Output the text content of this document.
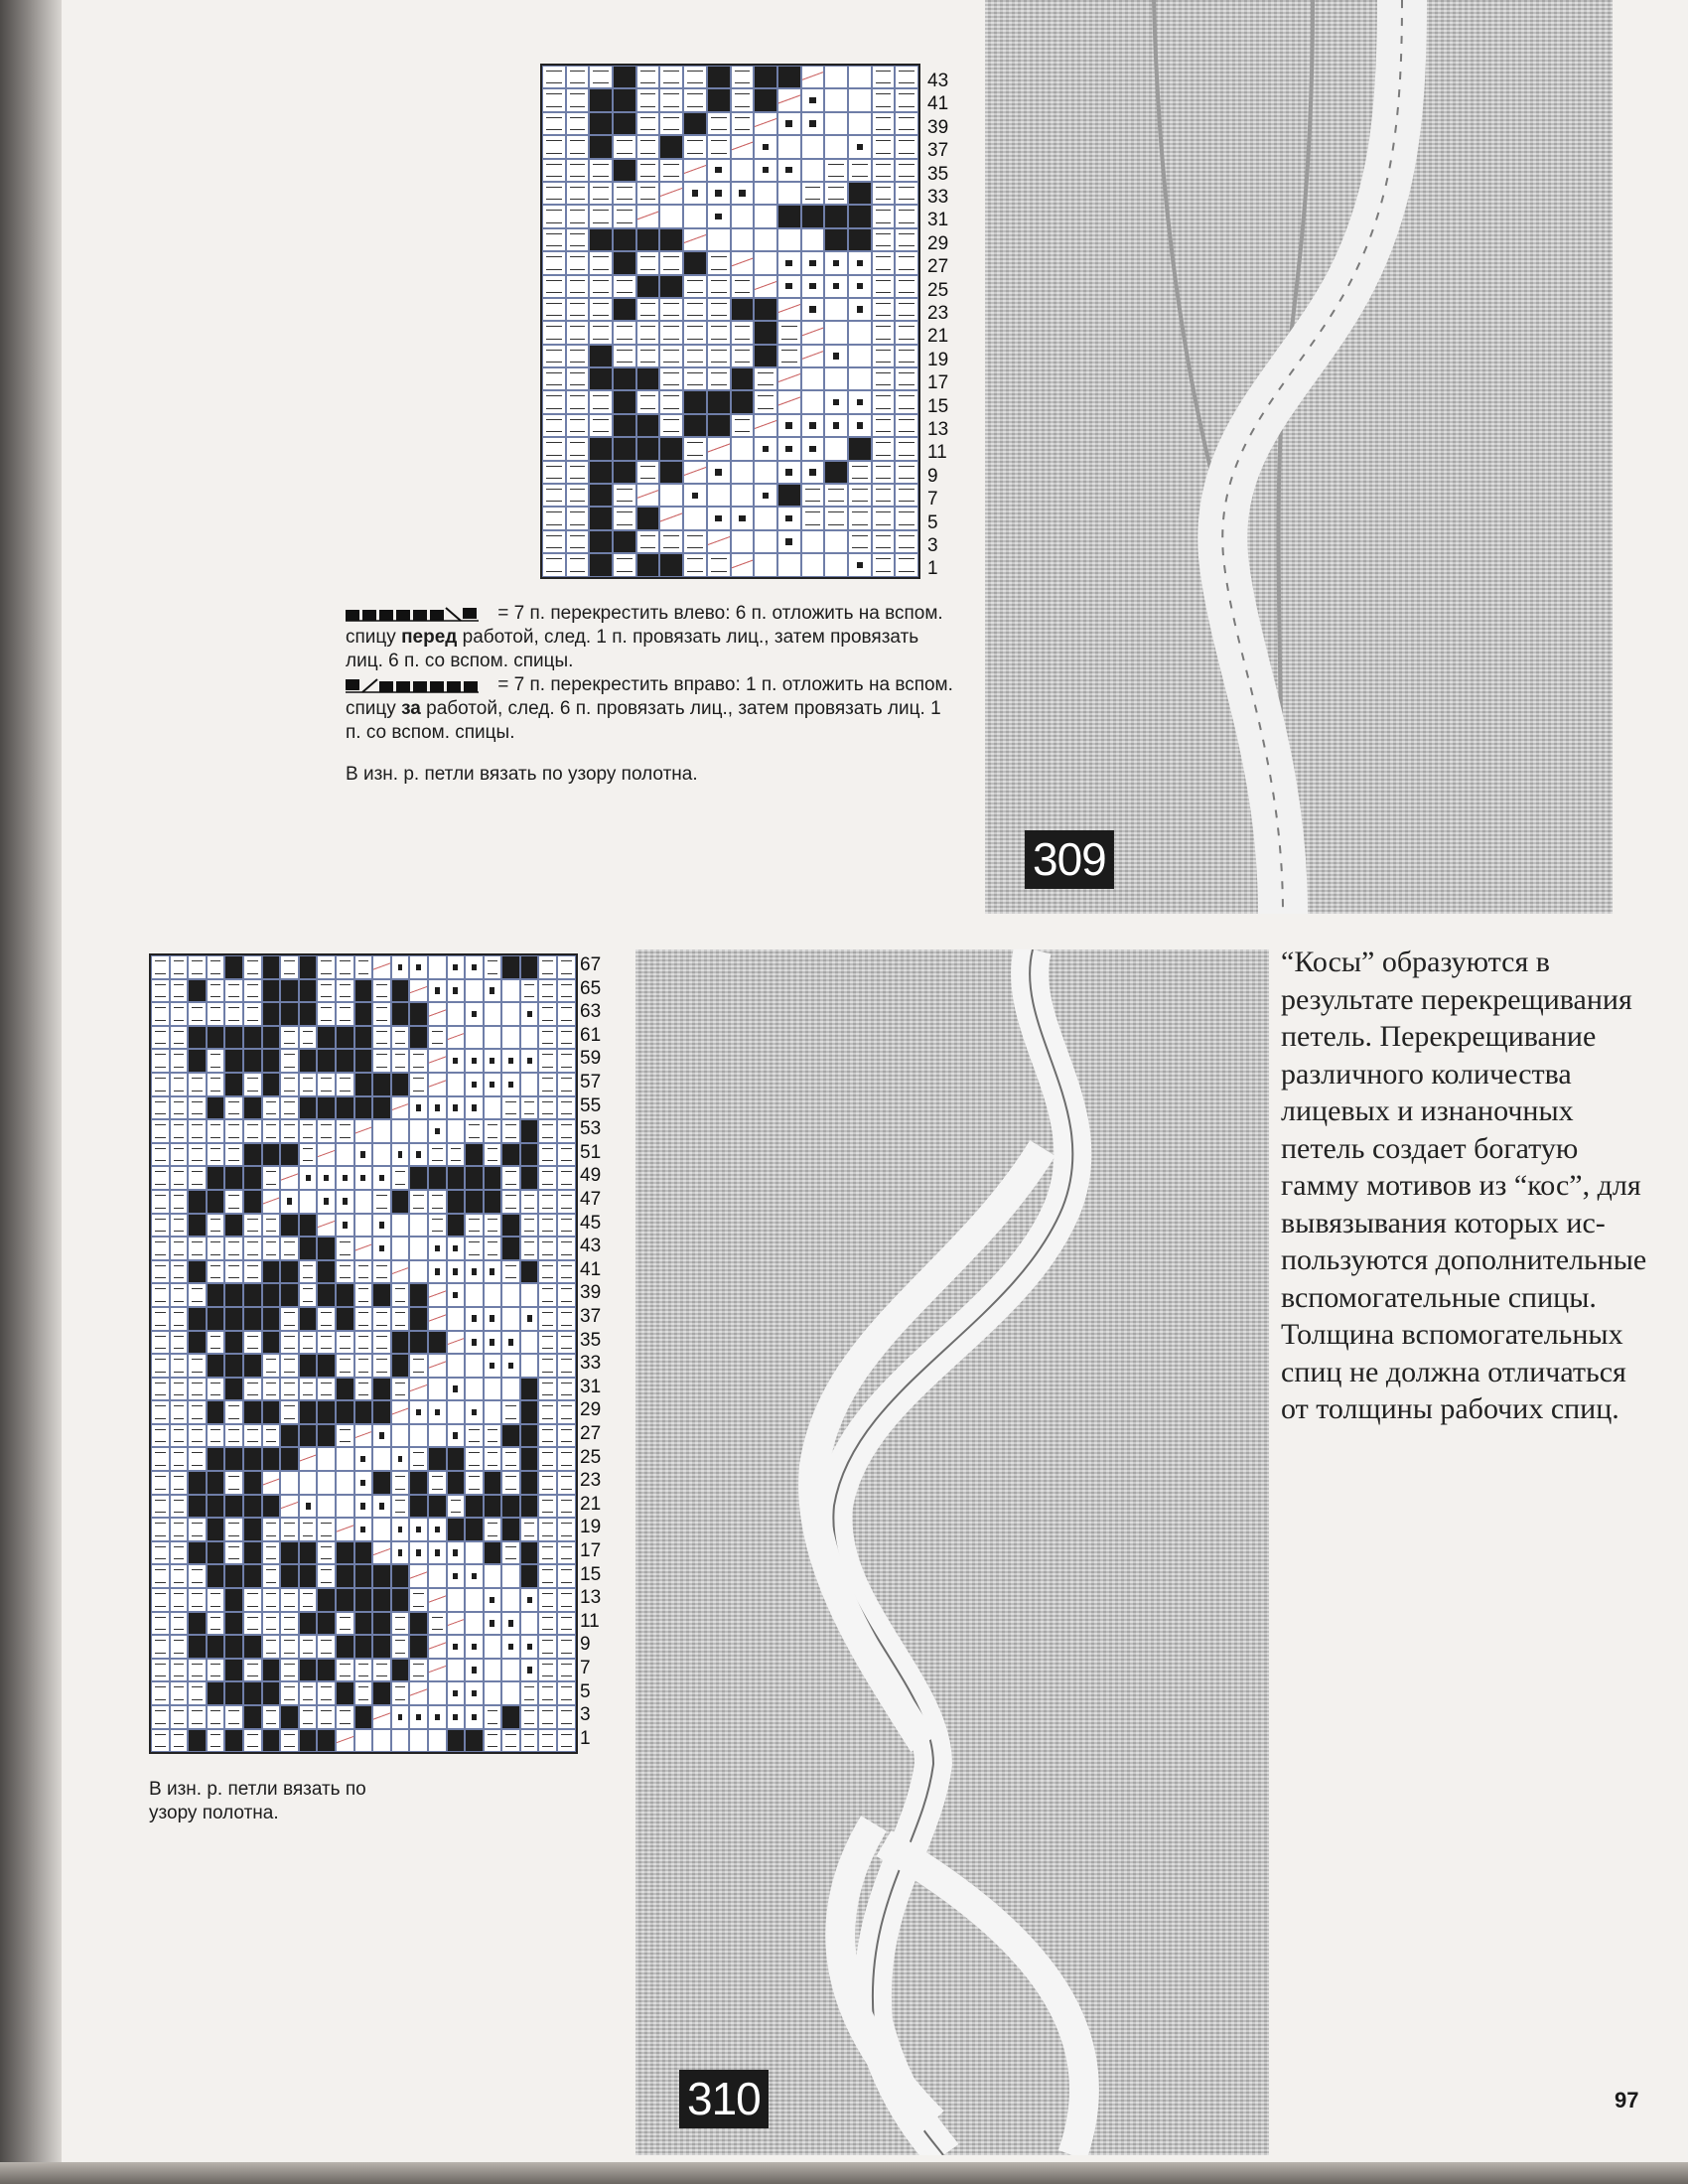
43
41
39
37
35
33
31
29
27
25
23
21
19
17
15
13
11
9
7
5
3
1
= 7 п. перекрестить влево: 6 п. отложить на вспом. спицу перед работой, след. 1 п. провязать лиц., затем провязать лиц. 6 п. со вспом. спицы.
= 7 п. перекрестить вправо: 1 п. отложить на вспом. спицу за работой, след. 6 п. провязать лиц., затем провязать лиц. 1 п. со вспом. спицы.
В изн. р. петли вязать по узору полотна.
309
67
65
63
61
59
57
55
53
51
49
47
45
43
41
39
37
35
33
31
29
27
25
23
21
19
17
15
13
11
9
7
5
3
1
В изн. р. петли вязать по узору полотна.
310
“Косы” образуются в результате перекрещивания петель. Перекрещивание различного количества лицевых и изнаночных петель создает богатую гамму мотивов из “кос”, для вывязывания которых используются дополнительные вспомогательные спицы. Толщина вспомогательных спиц не должна отличаться от толщины рабочих спиц.
97
